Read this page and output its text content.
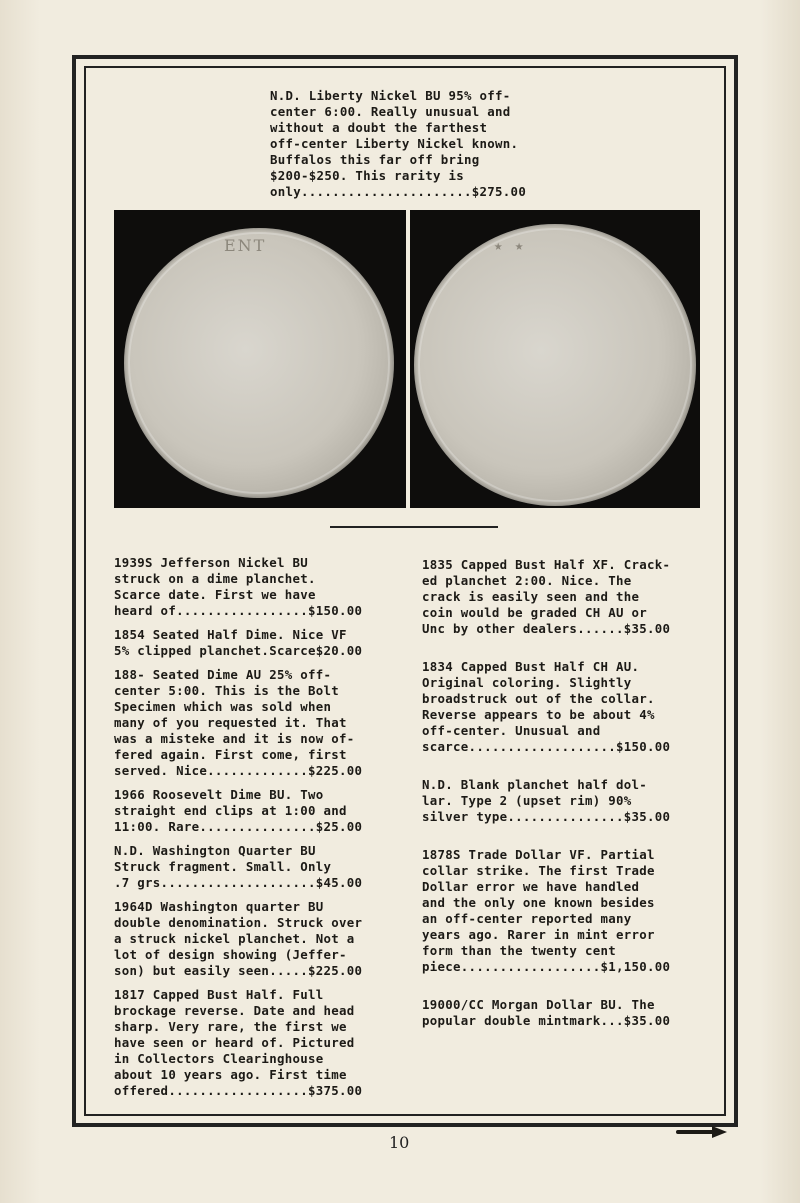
N.D. Liberty Nickel BU 95% off-
center 6:00. Really unusual and
without a doubt the farthest
off-center Liberty Nickel known.
Buffalos this far off bring
$200-$250. This rarity is
only......................$275.00
ENT	★ ★
1939S Jefferson Nickel BU
struck on a dime planchet.
Scarce date. First we have
heard of.................$150.00
1854 Seated Half Dime. Nice VF
5% clipped planchet.Scarce$20.00
188- Seated Dime AU 25% off-
center 5:00. This is the Bolt
Specimen which was sold when
many of you requested it. That
was a misteke and it is now of-
fered again. First come, first
served. Nice.............$225.00
1966 Roosevelt Dime BU. Two
straight end clips at 1:00 and
11:00. Rare...............$25.00
N.D. Washington Quarter BU
Struck fragment. Small. Only
.7 grs....................$45.00
1964D Washington quarter BU
double denomination. Struck over
a struck nickel planchet. Not a
lot of design showing (Jeffer-
son) but easily seen.....$225.00
1817 Capped Bust Half. Full
brockage reverse. Date and head
sharp. Very rare, the first we
have seen or heard of. Pictured
in Collectors Clearinghouse
about 10 years ago. First time
offered..................$375.00
1835 Capped Bust Half XF. Crack-
ed planchet 2:00. Nice. The
crack is easily seen and the
coin would be graded CH AU or
Unc by other dealers......$35.00
1834 Capped Bust Half CH AU.
Original coloring. Slightly
broadstruck out of the collar.
Reverse appears to be about 4%
off-center. Unusual and
scarce...................$150.00
N.D. Blank planchet half dol-
lar. Type 2 (upset rim) 90%
silver type...............$35.00
1878S Trade Dollar VF. Partial
collar strike. The first Trade
Dollar error we have handled
and the only one known besides
an off-center reported many
years ago. Rarer in mint error
form than the twenty cent
piece..................$1,150.00
19000/CC Morgan Dollar BU. The
popular double mintmark...$35.00
10
